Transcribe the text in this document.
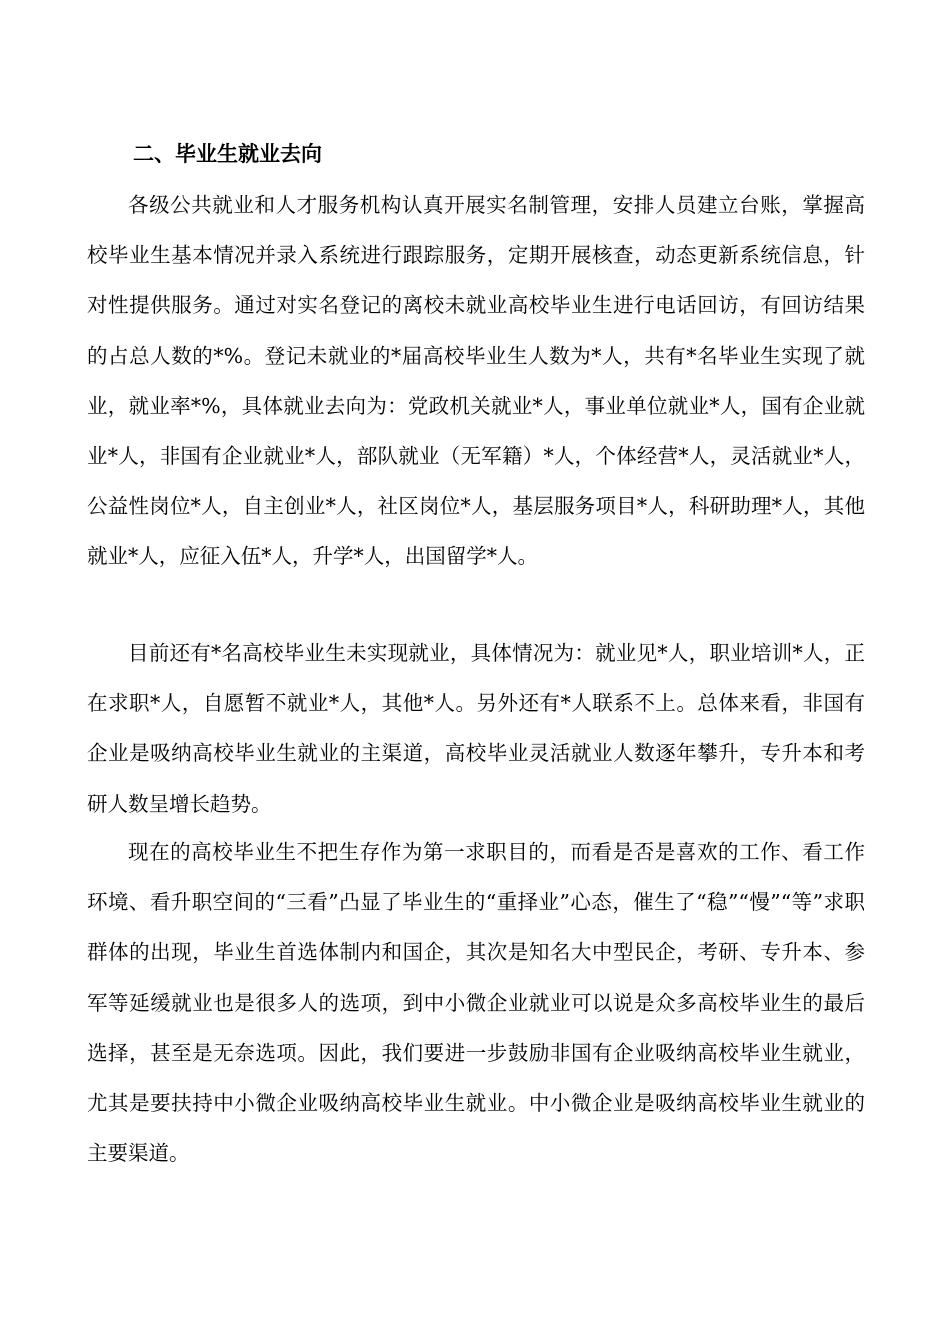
二、毕业生就业去向

各级公共就业和人才服务机构认真开展实名制管理，安排人员建立台账，掌握高校毕业生基本情况并录入系统进行跟踪服务，定期开展核查，动态更新系统信息，针对性提供服务。通过对实名登记的离校未就业高校毕业生进行电话回访，有回访结果的占总人数的*%。登记未就业的*届高校毕业生人数为*人，共有*名毕业生实现了就业，就业率*%，具体就业去向为：党政机关就业*人，事业单位就业*人，国有企业就业*人，非国有企业就业*人，部队就业（无军籍）*人，个体经营*人，灵活就业*人，公益性岗位*人，自主创业*人，社区岗位*人，基层服务项目*人，科研助理*人，其他就业*人，应征入伍*人，升学*人，出国留学*人。

目前还有*名高校毕业生未实现就业，具体情况为：就业见*人，职业培训*人，正在求职*人，自愿暂不就业*人，其他*人。另外还有*人联系不上。总体来看，非国有企业是吸纳高校毕业生就业的主渠道，高校毕业灵活就业人数逐年攀升，专升本和考研人数呈增长趋势。

现在的高校毕业生不把生存作为第一求职目的，而看是否是喜欢的工作、看工作环境、看升职空间的“三看”凸显了毕业生的“重择业”心态，催生了“稳”“慢”“等”求职群体的出现，毕业生首选体制内和国企，其次是知名大中型民企，考研、专升本、参军等延缓就业也是很多人的选项，到中小微企业就业可以说是众多高校毕业生的最后选择，甚至是无奈选项。因此，我们要进一步鼓励非国有企业吸纳高校毕业生就业，尤其是要扶持中小微企业吸纳高校毕业生就业。中小微企业是吸纳高校毕业生就业的主要渠道。
